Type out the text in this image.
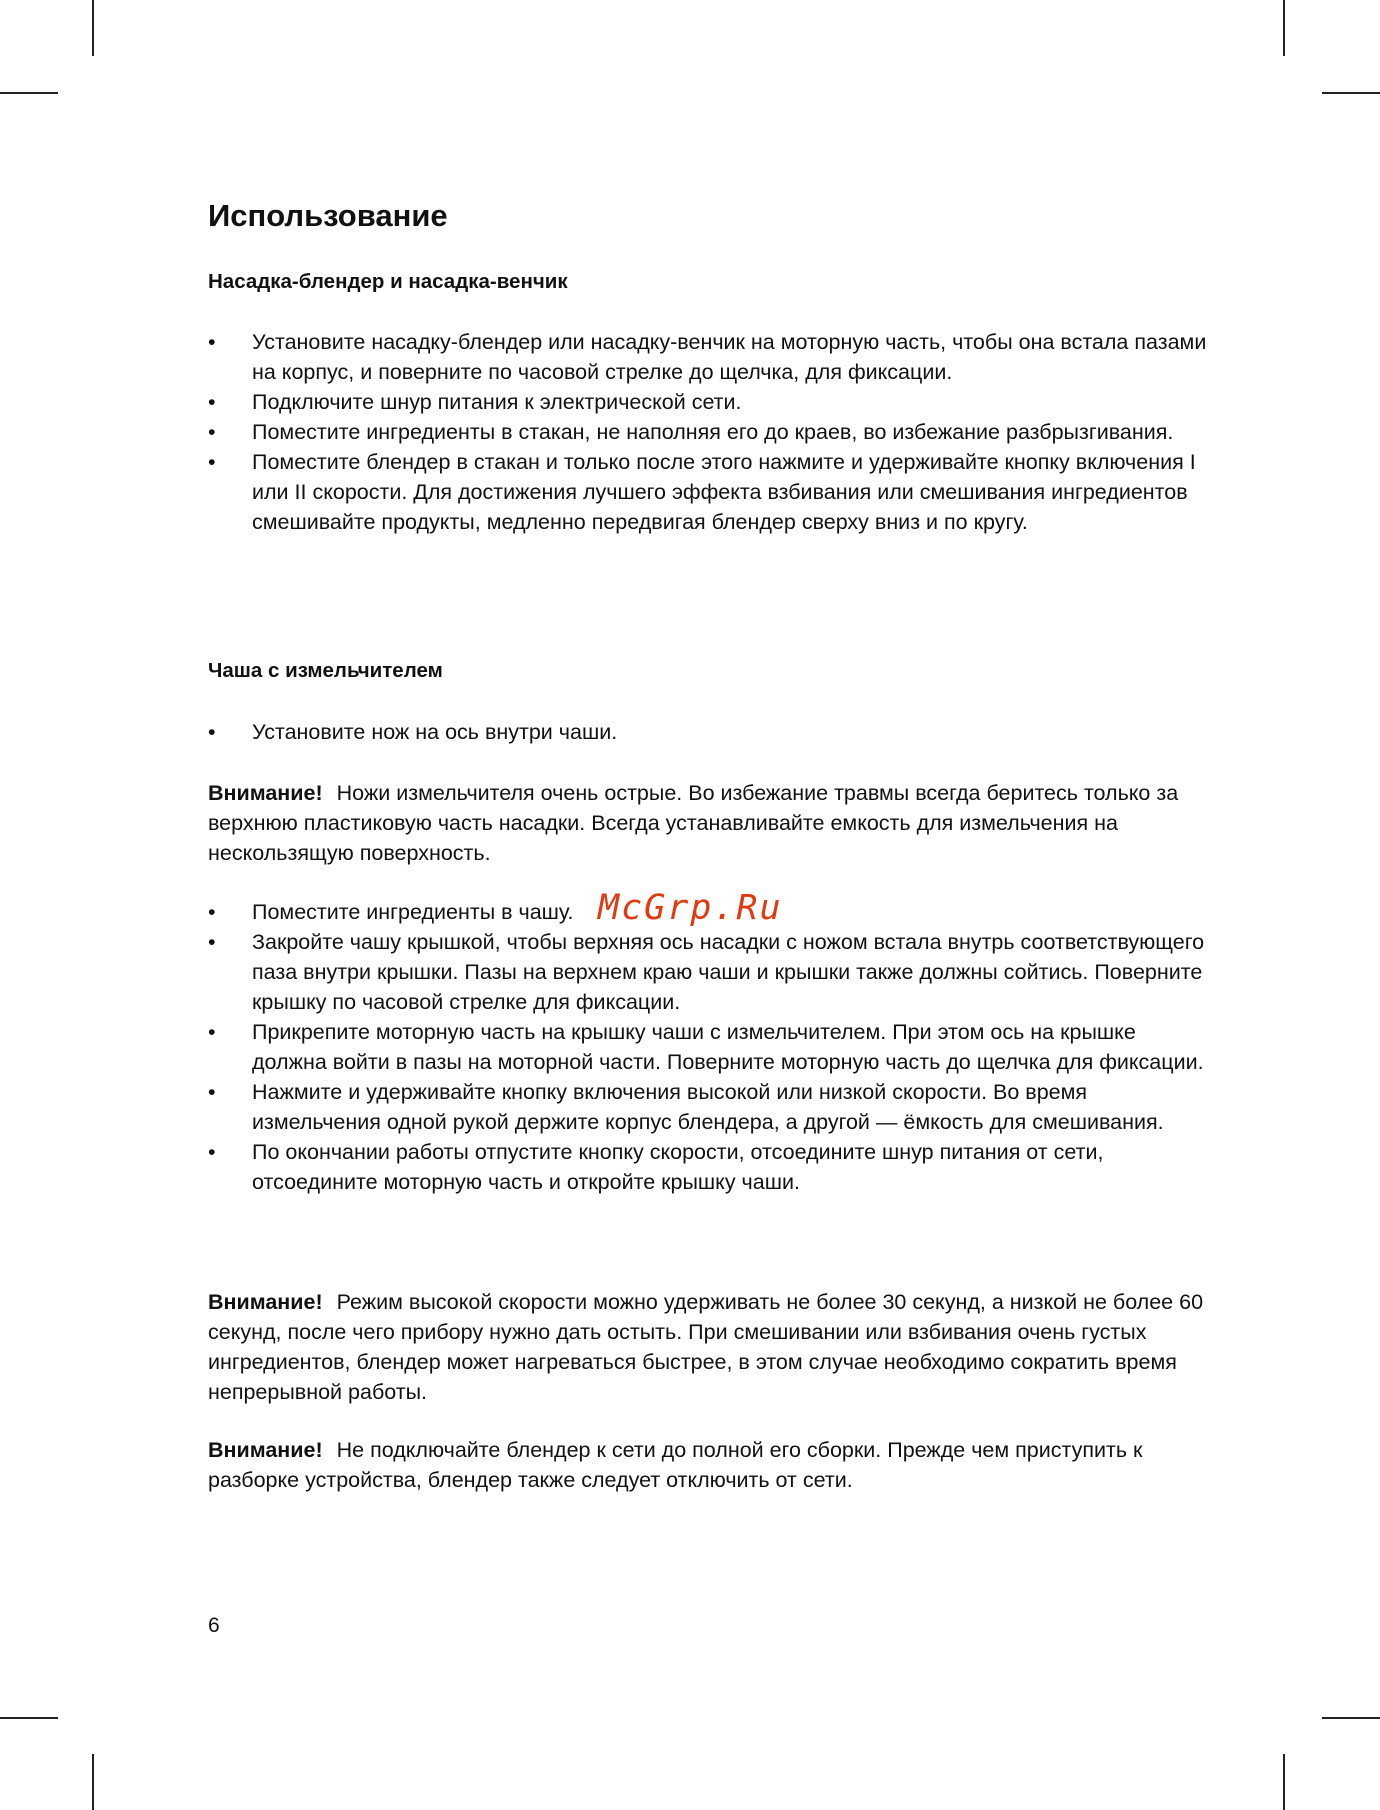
Использование
Насадка-блендер и насадка-венчик
• Установите насадку-блендер или насадку-венчик на моторную часть, чтобы она встала пазами на корпус, и поверните по часовой стрелке до щелчка, для фиксации.
• Подключите шнур питания к электрической сети.
• Поместите ингредиенты в стакан, не наполняя его до краев, во избежание разбрызгивания.
• Поместите блендер в стакан и только после этого нажмите и удерживайте кнопку включения I или II скорости. Для достижения лучшего эффекта взбивания или смешивания ингредиентов смешивайте продукты, медленно передвигая блендер сверху вниз и по кругу.
Чаша с измельчителем
• Установите нож на ось внутри чаши.

Внимание! Ножи измельчителя очень острые. Во избежание травмы всегда беритесь только за верхнюю пластиковую часть насадки. Всегда устанавливайте емкость для измельчения на нескользящую поверхность.

• Поместите ингредиенты в чашу.
• Закройте чашу крышкой, чтобы верхняя ось насадки с ножом встала внутрь соответствующего паза внутри крышки. Пазы на верхнем краю чаши и крышки также должны сойтись. Поверните крышку по часовой стрелке для фиксации.
• Прикрепите моторную часть на крышку чаши с измельчителем. При этом ось на крышке должна войти в пазы на моторной части. Поверните моторную часть до щелчка для фиксации.
• Нажмите и удерживайте кнопку включения высокой или низкой скорости. Во время измельчения одной рукой держите корпус блендера, а другой — ёмкость для смешивания.
• По окончании работы отпустите кнопку скорости, отсоедините шнур питания от сети, отсоедините моторную часть и откройте крышку чаши.

Внимание! Режим высокой скорости можно удерживать не более 30 секунд, а низкой не более 60 секунд, после чего прибору нужно дать остыть. При смешивании или взбивания очень густых ингредиентов, блендер может нагреваться быстрее, в этом случае необходимо сократить время непрерывной работы.

Внимание! Не подключайте блендер к сети до полной его сборки. Прежде чем приступить к разборке устройства, блендер также следует отключить от сети.

McGrp.Ru
6
